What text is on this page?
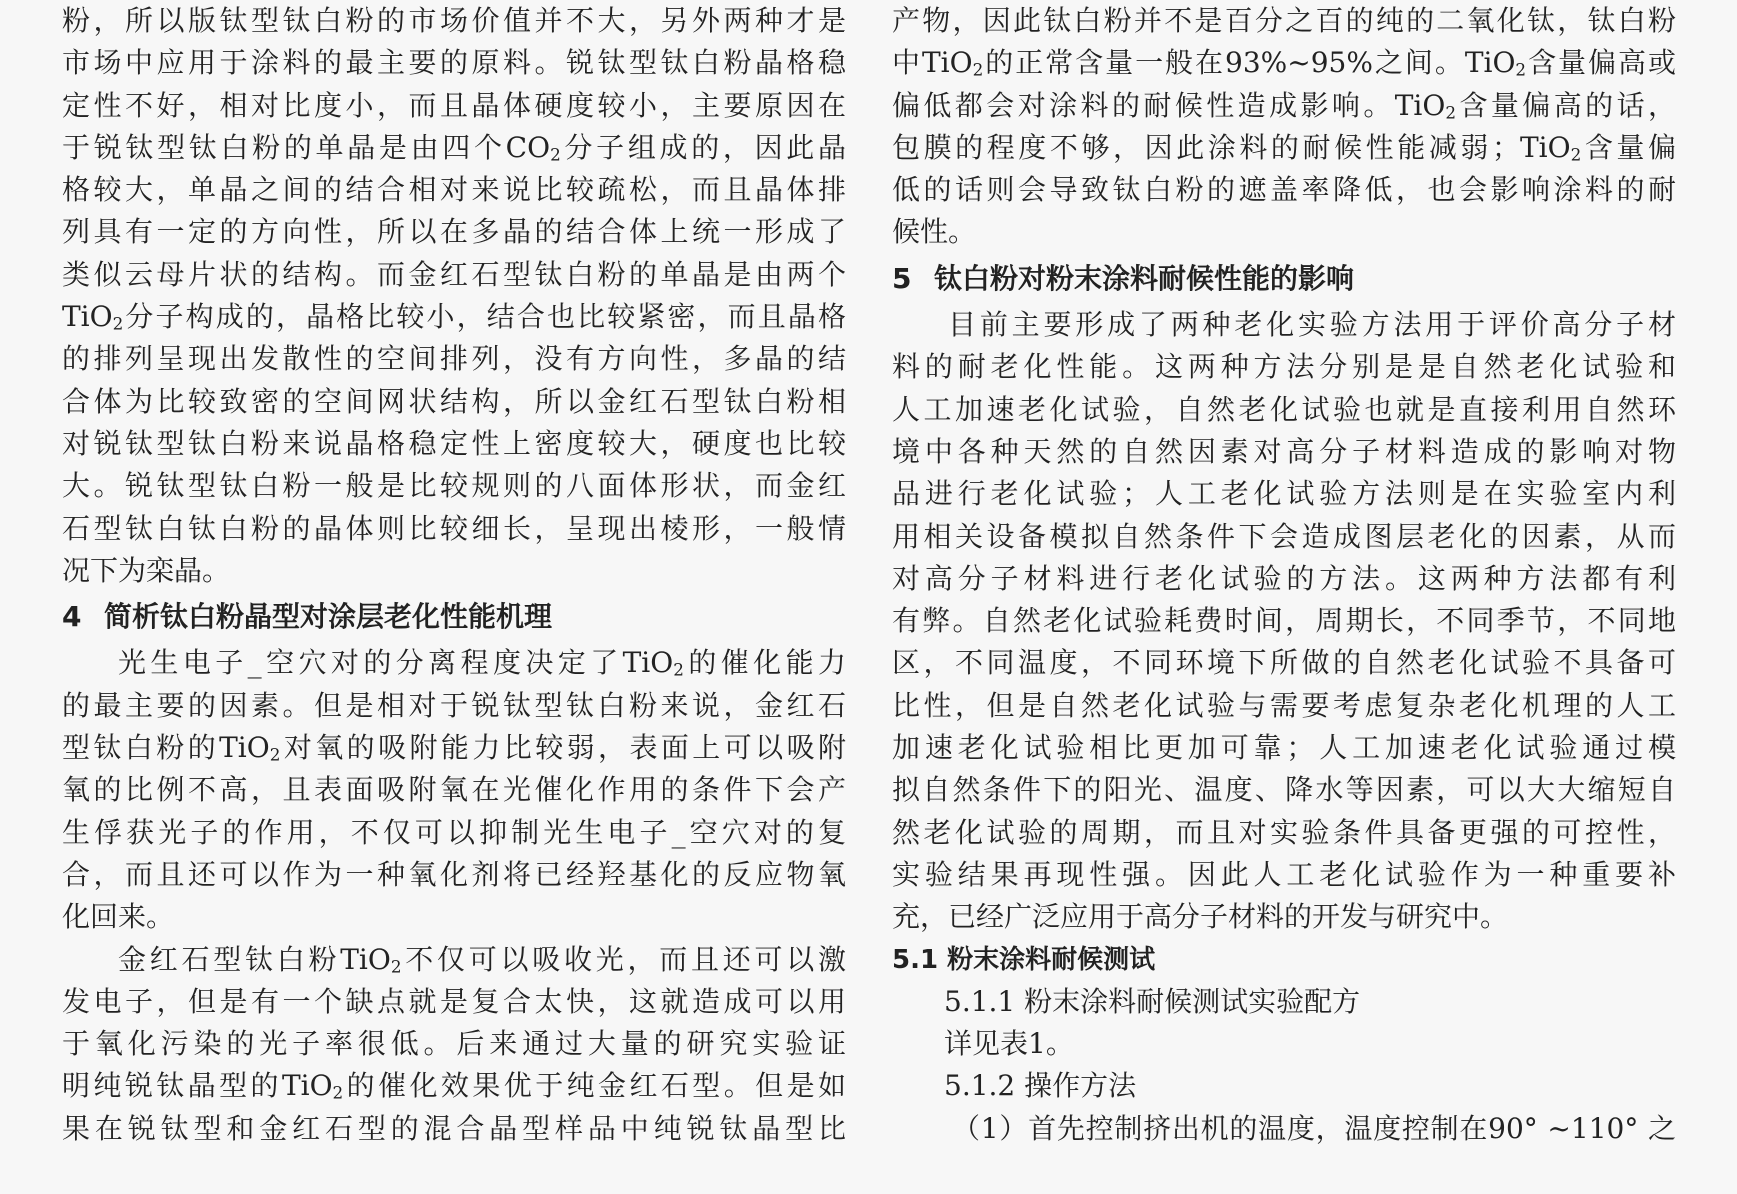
粉，所以版钛型钛白粉的市场价值并不大，另外两种才是
市场中应用于涂料的最主要的原料。锐钛型钛白粉晶格稳
定性不好，相对比度小，而且晶体硬度较小，主要原因在
于锐钛型钛白粉的单晶是由四个$CO_2$分子组成的，因此晶
格较大，单晶之间的结合相对来说比较疏松，而且晶体排
列具有一定的方向性，所以在多晶的结合体上统一形成了
类似云母片状的结构。而金红石型钛白粉的单晶是由两个
TiO$_2$分子构成的，晶格比较小，结合也比较紧密，而且晶格
的排列呈现出发散性的空间排列，没有方向性，多晶的结
合体为比较致密的空间网状结构，所以金红石型钛白粉相
对锐钛型钛白粉来说晶格稳定性上密度较大，硬度也比较
大。锐钛型钛白粉一般是比较规则的八面体形状，而金红
石型钛白钛白粉的晶体则比较细长，呈现出棱形，一般情
况下为栾晶。
4 简析钛白粉晶型对涂层老化性能机理
光生电子_空穴对的分离程度决定了TiO$_2$的催化能力
的最主要的因素。但是相对于锐钛型钛白粉来说，金红石
型钛白粉的TiO$_2$对氧的吸附能力比较弱，表面上可以吸附
氧的比例不高，且表面吸附氧在光催化作用的条件下会产
生俘获光子的作用，不仅可以抑制光生电子_空穴对的复
合，而且还可以作为一种氧化剂将已经羟基化的反应物氧
化回来。
金红石型钛白粉TiO$_2$不仅可以吸收光，而且还可以激
发电子，但是有一个缺点就是复合太快，这就造成可以用
于氧化污染的光子率很低。后来通过大量的研究实验证
明纯锐钛晶型的TiO$_2$的催化效果优于纯金红石型。但是如
果在锐钛型和金红石型的混合晶型样品中纯锐钛晶型比
产物，因此钛白粉并不是百分之百的纯的二氧化钛，钛白粉
中TiO$_2$的正常含量一般在93%~95%之间。TiO$_2$含量偏高或
偏低都会对涂料的耐候性造成影响。TiO$_2$含量偏高的话，
包膜的程度不够，因此涂料的耐候性能减弱；TiO$_2$含量偏
低的话则会导致钛白粉的遮盖率降低，也会影响涂料的耐
候性。
5 钛白粉对粉末涂料耐候性能的影响
目前主要形成了两种老化实验方法用于评价高分子材
料的耐老化性能。这两种方法分别是是自然老化试验和
人工加速老化试验，自然老化试验也就是直接利用自然环
境中各种天然的自然因素对高分子材料造成的影响对物
品进行老化试验；人工老化试验方法则是在实验室内利
用相关设备模拟自然条件下会造成图层老化的因素，从而
对高分子材料进行老化试验的方法。这两种方法都有利
有弊。自然老化试验耗费时间，周期长，不同季节，不同地
区，不同温度，不同环境下所做的自然老化试验不具备可
比性，但是自然老化试验与需要考虑复杂老化机理的人工
加速老化试验相比更加可靠；人工加速老化试验通过模
拟自然条件下的阳光、温度、降水等因素，可以大大缩短自
然老化试验的周期，而且对实验条件具备更强的可控性，
实验结果再现性强。因此人工老化试验作为一种重要补
充，已经广泛应用于高分子材料的开发与研究中。
5.1 粉末涂料耐候测试
5.1.1 粉末涂料耐候测试实验配方
详见表1。
5.1.2 操作方法
（1）首先控制挤出机的温度，温度控制在90° ~110° 之
